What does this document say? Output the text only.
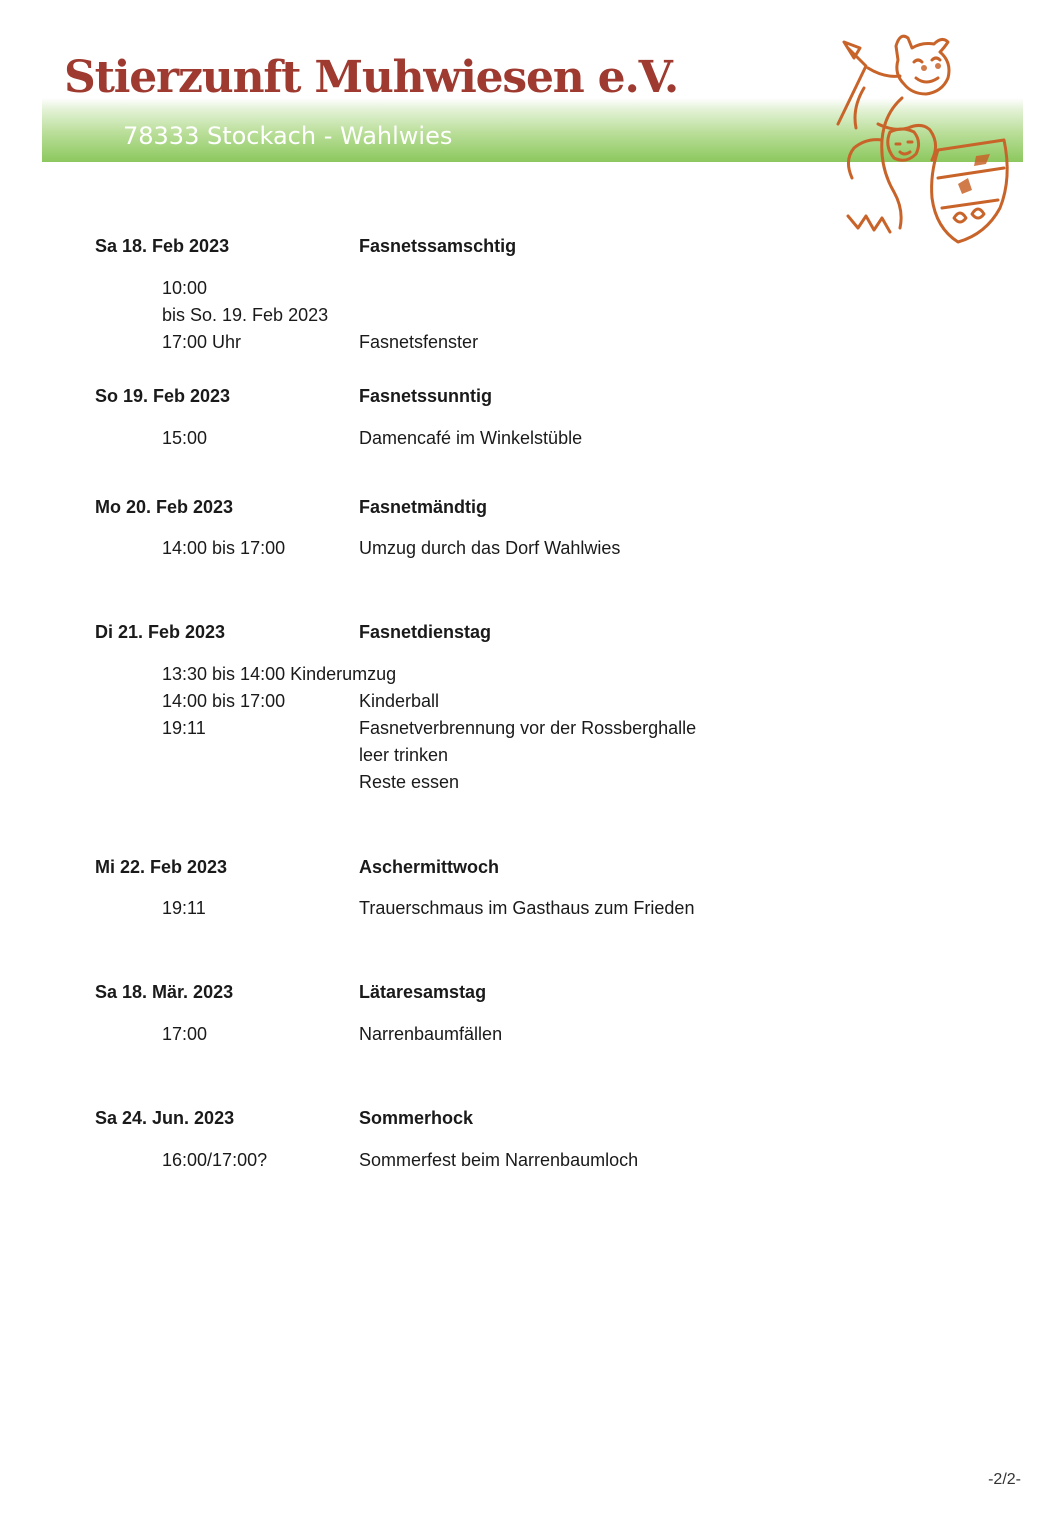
Stierzunft Muhwiesen e.V.
78333 Stockach - Wahlwies
Sa 18. Feb 2023	Fasnetssamschtig
10:00
bis So. 19. Feb 2023
17:00 Uhr	Fasnetsfenster
So 19. Feb 2023	Fasnetssunntig
15:00	Damencafé im Winkelstüble
Mo 20. Feb 2023	Fasnetmändtig
14:00 bis 17:00	Umzug durch das Dorf Wahlwies
Di 21. Feb 2023	Fasnetdienstag
13:30 bis 14:00 Kinderumzug
14:00 bis 17:00	Kinderball
19:11	Fasnetverbrennung vor der Rossberghalle
leer trinken
Reste essen
Mi 22. Feb 2023	Aschermittwoch
19:11	Trauerschmaus im Gasthaus zum Frieden
Sa 18. Mär. 2023	Lätaresamstag
17:00	Narrenbaumfällen
Sa 24. Jun. 2023	Sommerhock
16:00/17:00?	Sommerfest beim Narrenbaumloch
-2/2-
